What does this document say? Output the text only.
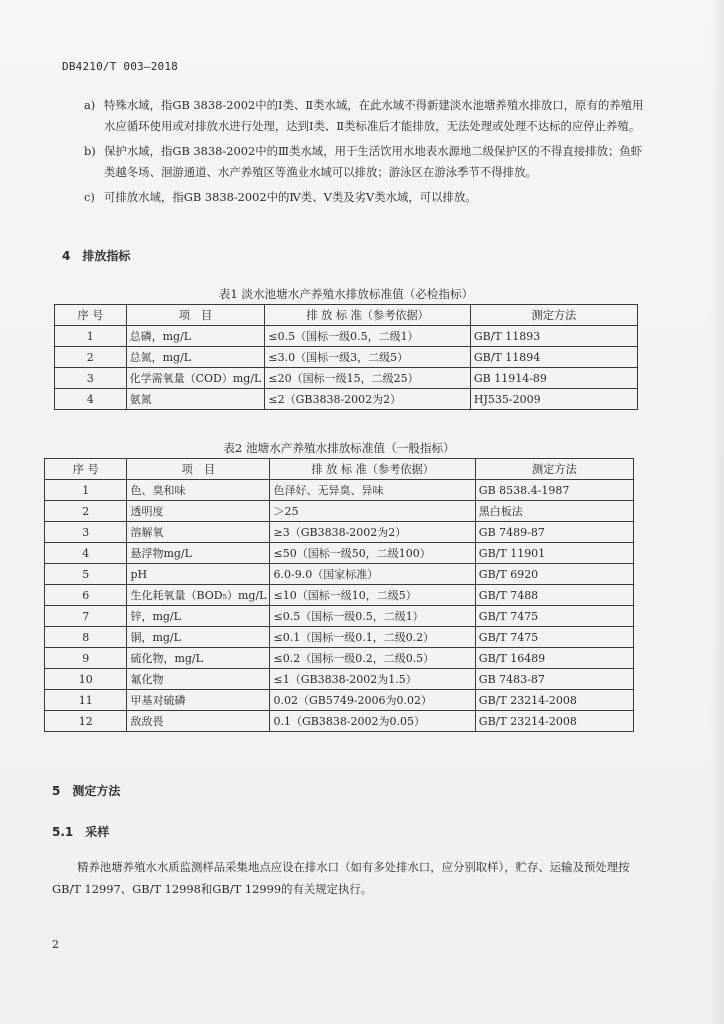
DB4210/T 003—2018
a) 特殊水域，指GB 3838-2002中的Ⅰ类、Ⅱ类水域，在此水域不得新建淡水池塘养殖水排放口，原有的养殖用水应循环使用或对排放水进行处理，达到Ⅰ类、Ⅱ类标准后才能排放，无法处理或处理不达标的应停止养殖。
b) 保护水域，指GB 3838-2002中的Ⅲ类水域，用于生活饮用水地表水源地二级保护区的不得直接排放；鱼虾类越冬场、洄游通道、水产养殖区等渔业水域可以排放；游泳区在游泳季节不得排放。
c) 可排放水域，指GB 3838-2002中的Ⅳ类、Ⅴ类及劣Ⅴ类水域，可以排放。
4　排放指标
表1 淡水池塘水产养殖水排放标准值（必检指标）
序 号	项　目	排 放 标 准（参考依据）	测定方法
1	总磷，mg/L	≤0.5（国标一级0.5，二级1）	GB/T 11893
2	总氮，mg/L	≤3.0（国标一级3，二级5）	GB/T 11894
3	化学需氧量（COD）mg/L	≤20（国标一级15，二级25）	GB 11914-89
4	氨氮	≤2（GB3838-2002为2）	HJ535-2009
表2 池塘水产养殖水排放标准值（一般指标）
序 号	项　目	排 放 标 准（参考依据）	测定方法
1	色、臭和味	色泽好、无异臭、异味	GB 8538.4-1987
2	透明度	＞25	黑白板法
3	溶解氧	≥3（GB3838-2002为2）	GB 7489-87
4	悬浮物mg/L	≤50（国标一级50，二级100）	GB/T 11901
5	pH	6.0-9.0（国家标准）	GB/T 6920
6	生化耗氧量（BOD₅）mg/L	≤10（国标一级10，二级5）	GB/T 7488
7	锌，mg/L	≤0.5（国标一级0.5，二级1）	GB/T 7475
8	铜，mg/L	≤0.1（国标一级0.1，二级0.2）	GB/T 7475
9	硫化物，mg/L	≤0.2（国标一级0.2，二级0.5）	GB/T 16489
10	氟化物	≤1（GB3838-2002为1.5）	GB 7483-87
11	甲基对硫磷	0.02（GB5749-2006为0.02）	GB/T 23214-2008
12	敌敌畏	0.1（GB3838-2002为0.05）	GB/T 23214-2008
5　测定方法
5.1　采样
精养池塘养殖水水质监测样品采集地点应设在排水口（如有多处排水口，应分别取样），贮存、运输及预处理按GB/T 12997、GB/T 12998和GB/T 12999的有关规定执行。
2
